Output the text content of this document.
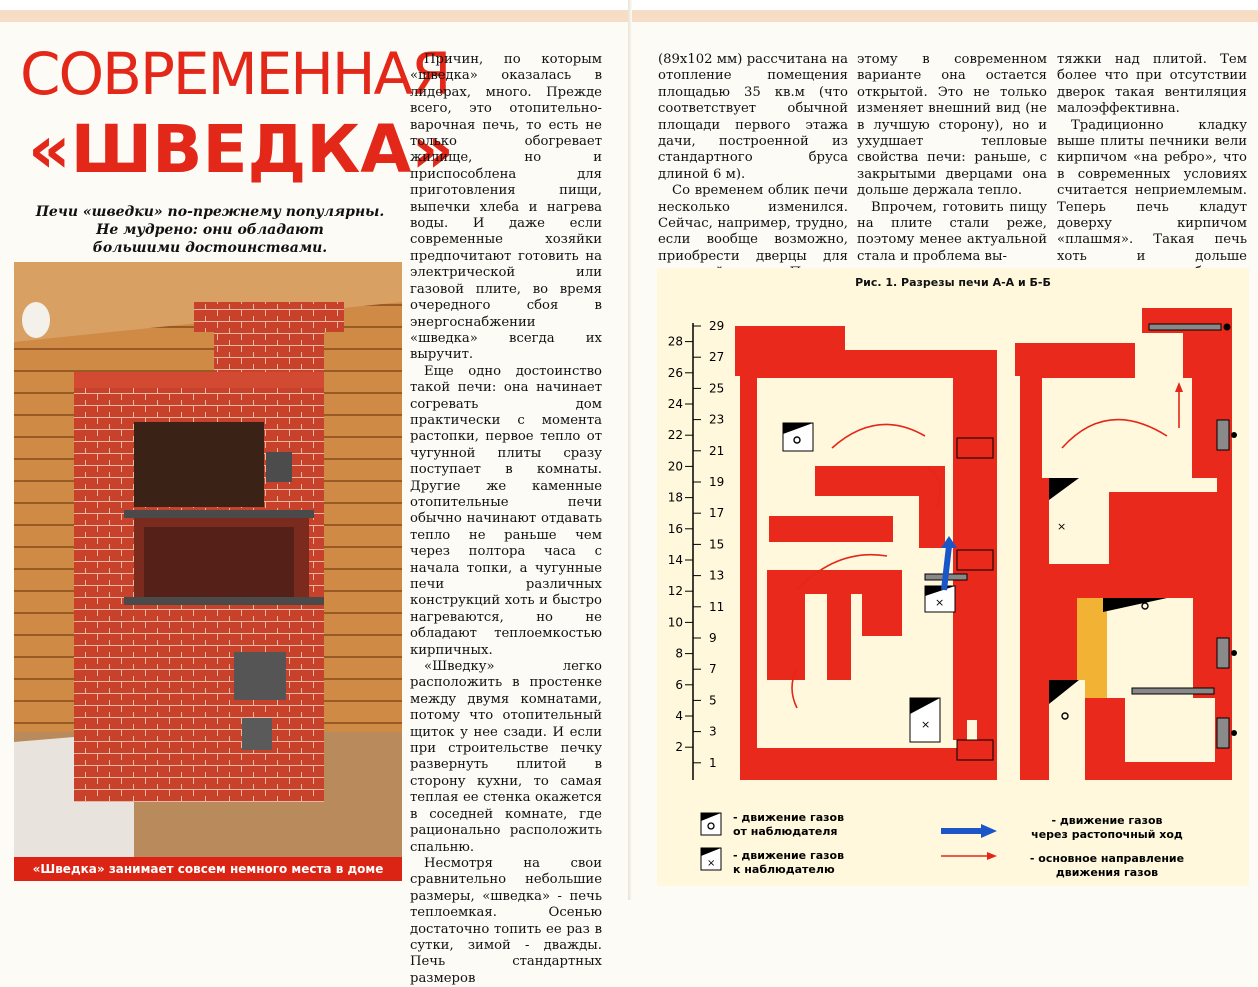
СОВРЕМЕННАЯ
«ШВЕДКА»
Печи «шведки» по-прежнему популярны.
Не мудрено: они обладают
большими достоинствами.
«Шведка» занимает совсем немного места в доме

Причин, по которым «шведка» оказалась в лидерах, много. Прежде всего, это отопительно-варочная печь, то есть не только обогревает жилище, но и приспособлена для приготовления пищи, выпечки хлеба и нагрева воды. И даже если современные хозяйки предпочитают готовить на электрической или газовой плите, во время очередного сбоя в энергоснабжении «шведка» всегда их выручит.

Еще одно достоинство такой печи: она начинает согревать дом практически с момента растопки, первое тепло от чугунной плиты сразу поступает в комнаты. Другие же каменные отопительные печи обычно начинают отдавать тепло не раньше чем через полтора часа с начала топки, а чугунные печи различных конструкций хоть и быстро нагреваются, но не обладают теплоемкостью кирпичных.

«Шведку» легко расположить в простенке между двумя комнатами, потому что отопительный щиток у нее сзади. И если при строительстве печку развернуть плитой в сторону кухни, то самая теплая ее стенка окажется в соседней комнате, где рационально расположить спальню.

Несмотря на свои сравнительно небольшие размеры, «шведка» - печь теплоемкая. Осенью достаточно топить ее раз в сутки, зимой - дважды. Печь стандартных размеров

(89х102 мм) рассчитана на отопление помещения площадью 35 кв.м (что соответствует обычной площади первого этажа дачи, построенной из стандартного бруса длиной 6 м).

Со временем облик печи несколько изменился. Сейчас, например, трудно, если вообще возможно, приобрести дверцы для

этому в современном варианте она остается открытой. Это не только изменяет внешний вид (не в лучшую сторону), но и ухудшает тепловые свойства печи: раньше, с закрытыми дверцами она дольше держала тепло.

Впрочем, готовить пищу на плите стали реже, поэтому менее актуальной стала и проблема вы-

тяжки над плитой. Тем более что при отсутствии дверок такая вентиляция малоэффективна.

Традиционно кладку выше плиты печники вели кирпичом «на ребро», что в современных условиях считается неприемлемым. Теперь печь кладут доверху кирпичом «плашмя». Такая печь хоть и дольше

Рис. 1. Разрезы печи А-А и Б-Б
28
26
24
22
20
18
16
14
12
10
8
6
4
2
29
27
25
23
21
19
17
15
13
11
9
7
5
3
1
×
×
×
- движение газов
от наблюдателя
×
- движение газов
к наблюдателю
- движение газов
через растопочный ход
- основное направление
движения газов
